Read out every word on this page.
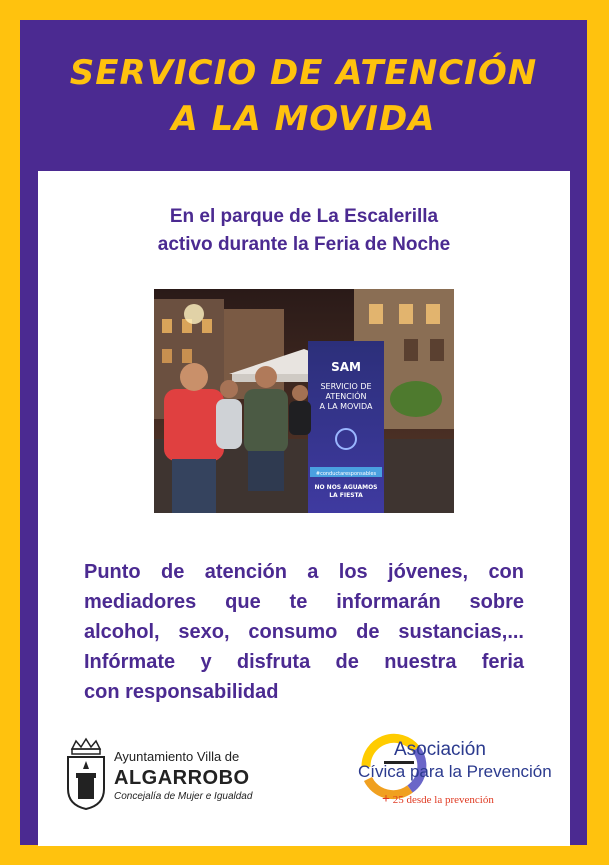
SERVICIO DE ATENCIÓN
A LA MOVIDA
En el parque de La Escalerilla
activo durante la Feria de Noche
SAM
SERVICIO DE
ATENCIÓN
A LA MOVIDA
#conductaresponsables
NO NOS AGUAMOS
LA FIESTA
Punto de atención a los jóvenes, con
mediadores que te informarán sobre
alcohol, sexo, consumo de sustancias,...
Infórmate y disfruta de nuestra feria
con responsabilidad
Ayuntamiento Villa de
ALGARROBO
Concejalía de Mujer e Igualdad
Asociación
Cívica para la Prevención
+ 25 desde la prevención
